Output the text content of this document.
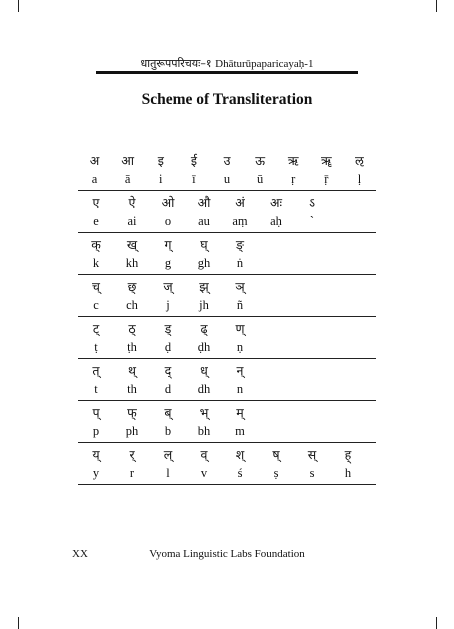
धातुरूपपरिचयः–१ Dhāturūpaparicayaḥ-1
Scheme of Transliteration
अ	आ	इ	ई	उ	ऊ	ऋ	ॠ	ऌ
a	ā	i	ī	u	ū	ṛ	ṝ	ḷ
ए	ऐ	ओ	औ	अं	अः	ऽ
e	ai	o	au	aṃ	aḥ	`
क्	ख्	ग्	घ्	ङ्
k	kh	g	gh	ṅ
च्	छ्	ज्	झ्	ञ्
c	ch	j	jh	ñ
ट्	ठ्	ड्	ढ्	ण्
ṭ	ṭh	ḍ	ḍh	ṇ
त्	थ्	द्	ध्	न्
t	th	d	dh	n
प्	फ्	ब्	भ्	म्
p	ph	b	bh	m
य्	र्	ल्	व्	श्	ष्	स्	ह्
y	r	l	v	ś	ṣ	s	h
XX	Vyoma Linguistic Labs Foundation
